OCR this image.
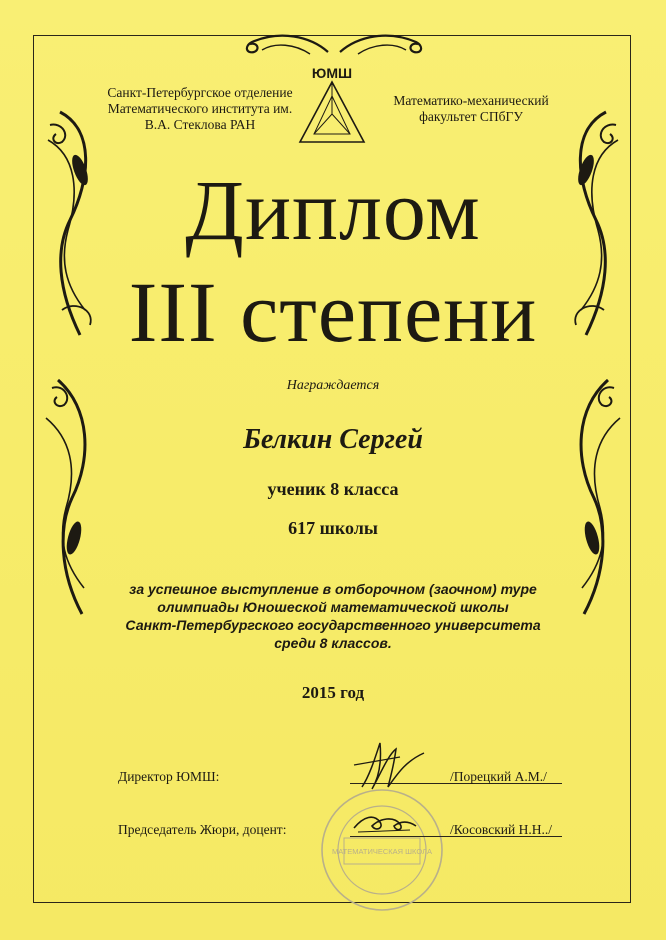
Санкт-Петербургское отделение
Математического института им.
В.А. Стеклова РАН
ЮМШ
Математико-механический
факультет СПбГУ
Диплом
III степени
Награждается
Белкин Сергей
ученик 8 класса
617 школы
за успешное выступление в отборочном (заочном) туре
олимпиады Юношеской математической школы
Санкт-Петербургского государственного университета
среди 8 классов.
2015 год
МАТЕМАТИЧЕСКАЯ ШКОЛА
Директор ЮМШ:	/Порецкий А.М./
Председатель Жюри, доцент:	/Косовский Н.Н../
